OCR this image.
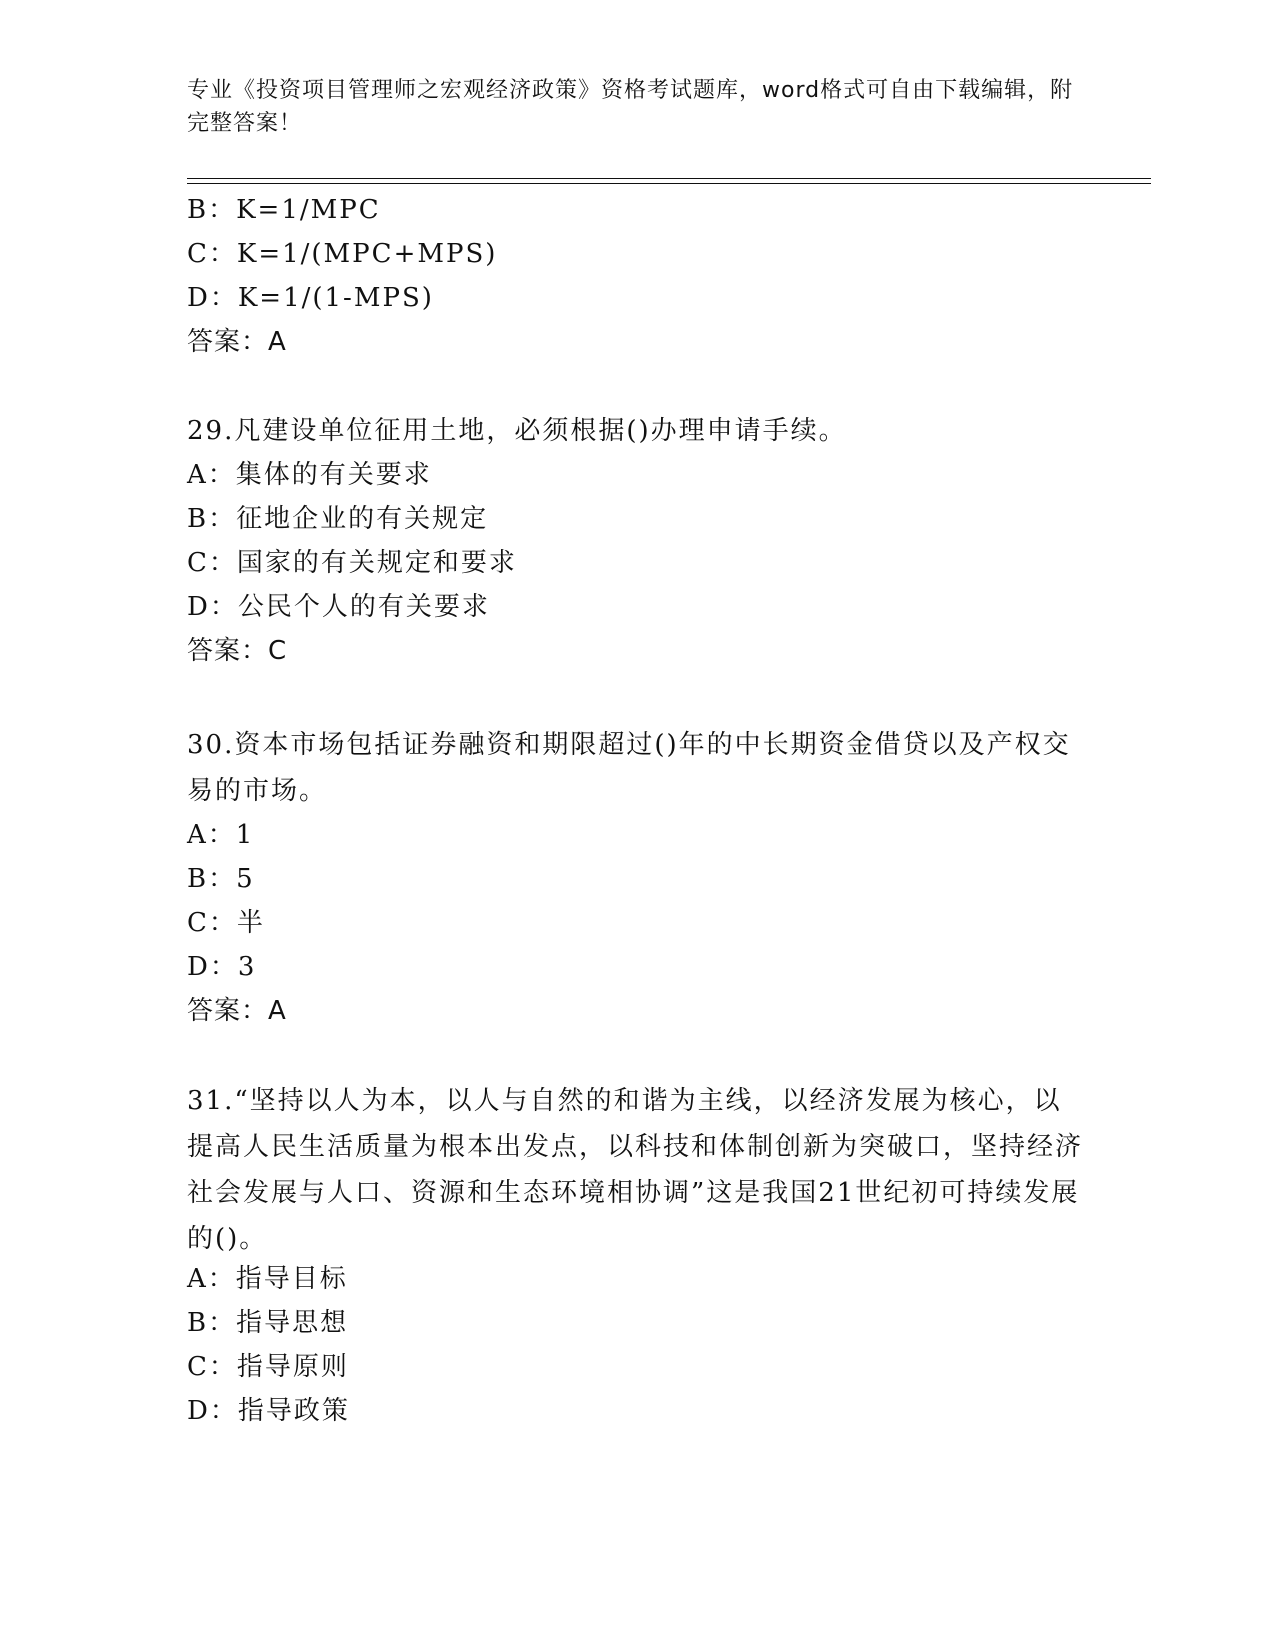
专业《投资项目管理师之宏观经济政策》资格考试题库，word格式可自由下载编辑，附完整答案！
B：K=1/MPC
C：K=1/(MPC+MPS)
D：K=1/(1-MPS)
答案：A
29.凡建设单位征用土地，必须根据()办理申请手续。
A：集体的有关要求
B：征地企业的有关规定
C：国家的有关规定和要求
D：公民个人的有关要求
答案：C
30.资本市场包括证券融资和期限超过()年的中长期资金借贷以及产权交易的市场。
A：1
B：5
C：半
D：3
答案：A
31.“坚持以人为本，以人与自然的和谐为主线，以经济发展为核心，以提高人民生活质量为根本出发点，以科技和体制创新为突破口，坚持经济社会发展与人口、资源和生态环境相协调”这是我国21世纪初可持续发展的()。
A：指导目标
B：指导思想
C：指导原则
D：指导政策
